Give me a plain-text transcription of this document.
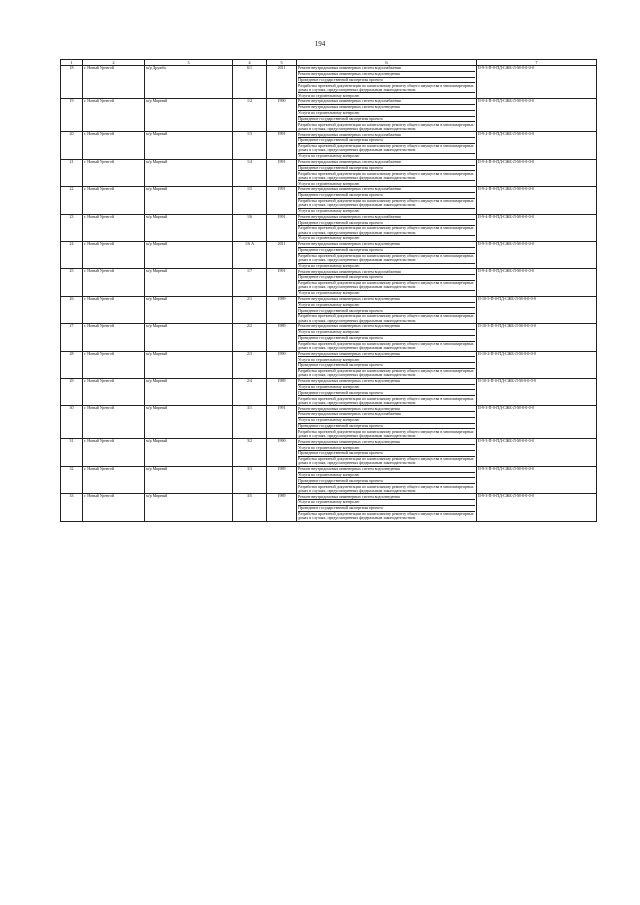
194
1	2	3	4	5	6	7
18	г. Новый Уренгой	м/р Дружба	6/1	2011	Ремонт внутридомовых инженерных систем водоснабжения
Ремонт внутридомовых инженерных систем водоотведения
Проведение государственной экспертизы проекта
Разработка проектной документации по капитальному ремонту общего имущества в многоквартирных домах в случаях, предусмотренных федеральным законодательством
Услуги по строительному контролю	II-9-3-П-0-ПД-СЖБ-Л-М-0-0-0-0
19	г. Новый Уренгой	м/р Мирный	1/2	1990	Ремонт внутридомовых инженерных систем водоснабжения
Ремонт внутридомовых инженерных систем водоотведения
Услуги по строительному контролю
Проведение государственной экспертизы проекта
Разработка проектной документации по капитальному ремонту общего имущества в многоквартирных домах в случаях, предусмотренных федеральным законодательством	II-9-4-П-0-ПД-СЖБ-Л-М-0-0-0-0
20	г. Новый Уренгой	м/р Мирный	1/3	1991	Ремонт внутридомовых инженерных систем водоснабжения
Проведение государственной экспертизы проекта
Разработка проектной документации по капитальному ремонту общего имущества в многоквартирных домах в случаях, предусмотренных федеральным законодательством
Услуги по строительному контролю	II-9-2-П-0-ПД-СЖБ-Л-М-0-0-0-0
21	г. Новый Уренгой	м/р Мирный	1/4	1991	Ремонт внутридомовых инженерных систем водоснабжения
Проведение государственной экспертизы проекта
Разработка проектной документации по капитальному ремонту общего имущества в многоквартирных домах в случаях, предусмотренных федеральным законодательством
Услуги по строительному контролю	II-9-4-П-0-ПД-СЖБ-Л-М-0-0-0-0
22	г. Новый Уренгой	м/р Мирный	1/5	1991	Ремонт внутридомовых инженерных систем водоснабжения
Проведение государственной экспертизы проекта
Разработка проектной документации по капитальному ремонту общего имущества в многоквартирных домах в случаях, предусмотренных федеральным законодательством
Услуги по строительному контролю	II-9-2-П-0-ПД-СЖБ-Л-М-0-0-0-0
23	г. Новый Уренгой	м/р Мирный	1/6	1991	Ремонт внутридомовых инженерных систем водоснабжения
Проведение государственной экспертизы проекта
Разработка проектной документации по капитальному ремонту общего имущества в многоквартирных домах в случаях, предусмотренных федеральным законодательством
Услуги по строительному контролю	II-9-4-П-0-ПД-СЖБ-Л-М-0-0-0-0
24	г. Новый Уренгой	м/р Мирный	1/6 А	2011	Ремонт внутридомовых инженерных систем водоотведения
Проведение государственной экспертизы проекта
Разработка проектной документации по капитальному ремонту общего имущества в многоквартирных домах в случаях, предусмотренных федеральным законодательством
Услуги по строительному контролю	II-9-3-П-0-ПД-СЖБ-Л-М-0-0-0-0
25	г. Новый Уренгой	м/р Мирный	1/7	1991	Ремонт внутридомовых инженерных систем водоснабжения
Проведение государственной экспертизы проекта
Разработка проектной документации по капитальному ремонту общего имущества в многоквартирных домах в случаях, предусмотренных федеральным законодательством
Услуги по строительному контролю	II-9-4-П-0-ПД-СЖБ-Л-М-0-0-0-0
26	г. Новый Уренгой	м/р Мирный	2/1	1989	Ремонт внутридомовых инженерных систем водоотведения
Услуги по строительному контролю
Проведение государственной экспертизы проекта
Разработка проектной документации по капитальному ремонту общего имущества в многоквартирных домах в случаях, предусмотренных федеральным законодательством	II-10-5-П-0-ПД-СЖБ-Л-М-0-0-0-0
27	г. Новый Уренгой	м/р Мирный	2/2	1989	Ремонт внутридомовых инженерных систем водоотведения
Услуги по строительному контролю
Проведение государственной экспертизы проекта
Разработка проектной документации по капитальному ремонту общего имущества в многоквартирных домах в случаях, предусмотренных федеральным законодательством	II-10-3-П-0-ПД-СЖБ-Л-М-0-0-0-0
28	г. Новый Уренгой	м/р Мирный	2/3	1990	Ремонт внутридомовых инженерных систем водоотведения
Услуги по строительному контролю
Проведение государственной экспертизы проекта
Разработка проектной документации по капитальному ремонту общего имущества в многоквартирных домах в случаях, предусмотренных федеральным законодательством	II-10-2-П-0-ПД-СЖБ-Л-М-0-0-0-0
29	г. Новый Уренгой	м/р Мирный	2/4	1989	Ремонт внутридомовых инженерных систем водоотведения
Услуги по строительному контролю
Проведение государственной экспертизы проекта
Разработка проектной документации по капитальному ремонту общего имущества в многоквартирных домах в случаях, предусмотренных федеральным законодательством	II-10-2-П-0-ПД-СЖБ-Л-М-0-0-0-0
30	г. Новый Уренгой	м/р Мирный	3/1	1991	Ремонт внутридомовых инженерных систем водоотведения
Ремонт внутридомовых инженерных систем водоснабжения
Услуги по строительному контролю
Проведение государственной экспертизы проекта
Разработка проектной документации по капитальному ремонту общего имущества в многоквартирных домах в случаях, предусмотренных федеральным законодательством	II-9-3-П-0-ПД-СЖБ-Л-М-0-0-0-0
31	г. Новый Уренгой	м/р Мирный	3/2	1990	Ремонт внутридомовых инженерных систем водоотведения
Услуги по строительному контролю
Проведение государственной экспертизы проекта
Разработка проектной документации по капитальному ремонту общего имущества в многоквартирных домах в случаях, предусмотренных федеральным законодательством	II-9-3-П-0-ПД-СЖБ-Л-М-0-0-0-0
32	г. Новый Уренгой	м/р Мирный	3/3	1989	Ремонт внутридомовых инженерных систем водоотведения
Услуги по строительному контролю
Проведение государственной экспертизы проекта
Разработка проектной документации по капитальному ремонту общего имущества в многоквартирных домах в случаях, предусмотренных федеральным законодательством	II-9-3-П-0-ПД-СЖБ-Л-М-0-0-0-0
33	г. Новый Уренгой	м/р Мирный	3/5	1989	Ремонт внутридомовых инженерных систем водоотведения
Услуги по строительному контролю
Проведение государственной экспертизы проекта
Разработка проектной документации по капитальному ремонту общего имущества в многоквартирных домах в случаях, предусмотренных федеральным законодательством	II-9-3-П-0-ПД-СЖБ-Л-М-0-0-0-0
